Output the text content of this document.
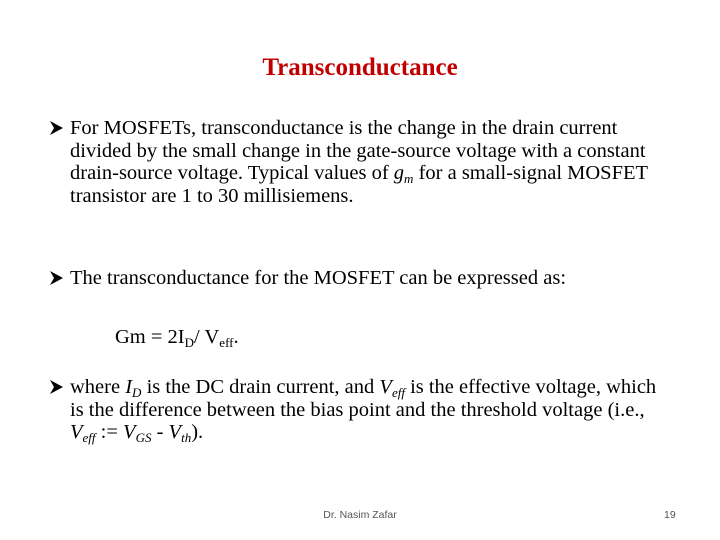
Transconductance
For MOSFETs, transconductance is the change in the drain current divided by the small change in the gate-source voltage with a constant drain-source voltage. Typical values of $g_m$ for a small-signal MOSFET transistor are 1 to 30 millisiemens.
The transconductance for the MOSFET can be expressed as:
$Gm = 2I_D/$ $V_{eff}$.
where $I_D$ is the DC drain current, and $V_{eff}$ is the effective voltage, which is the difference between the bias point and the threshold voltage (i.e., $V_{eff}$ := $V_{GS} - V_{th}$).
Dr. Nasim Zafar	19
